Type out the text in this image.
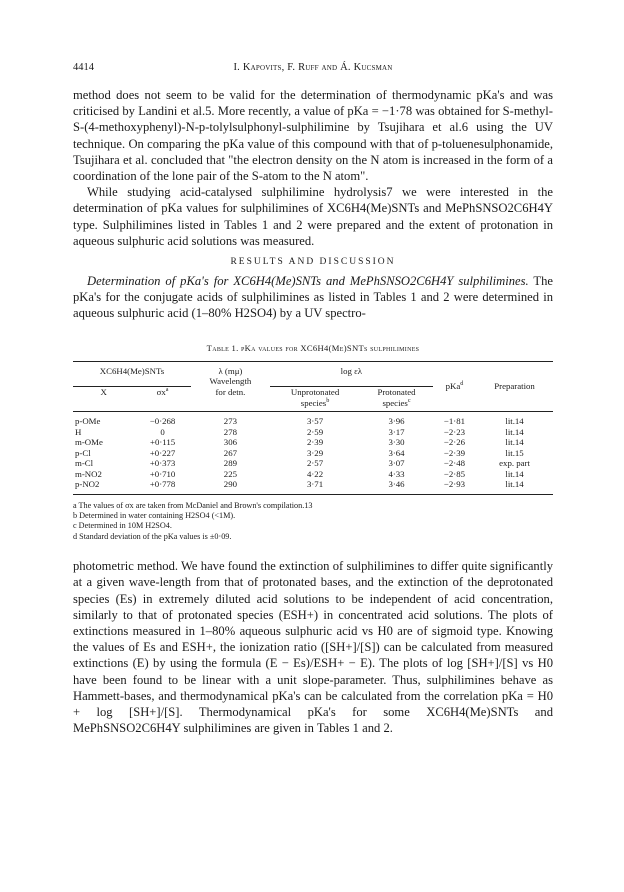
4414	I. Kapovits, F. Ruff and Á. Kucsman

method does not seem to be valid for the determination of thermodynamic pKa's and was criticised by Landini et al.5. More recently, a value of pKa = −1·78 was obtained for S-methyl-S-(4-methoxyphenyl)-N-p-tolylsulphonyl-sulphilimine by Tsujihara et al.6 using the UV technique. On comparing the pKa value of this compound with that of p-toluenesulphonamide, Tsujihara et al. concluded that "the electron density on the N atom is increased in the form of a coordination of the lone pair of the S-atom to the N atom".

While studying acid-catalysed sulphilimine hydrolysis7 we were interested in the determination of pKa values for sulphilimines of XC6H4(Me)SNTs and MePhSNSO2C6H4Y type. Sulphilimines listed in Tables 1 and 2 were prepared and the extent of protonation in aqueous sulphuric acid solutions was measured.

RESULTS AND DISCUSSION

Determination of pKa's for XC6H4(Me)SNTs and MePhSNSO2C6H4Y sulphilimines. The pKa's for the conjugate acids of sulphilimines as listed in Tables 1 and 2 were determined in aqueous sulphuric acid (1–80% H2SO4) by a UV spectro-

Table 1. pKa values for XC6H4(Me)SNTs sulphilimines
XC6H4(Me)SNTs		λ (mμ)	log ελ		pKa$^d$	Preparation
		Wavelength				
X	$\sigma x^a$	for detn.	Unprotonated	Protonated		
			species$^b$	species$^c$
p-OMe	−0·268	273	3·57	3·96	−1·81	lit.14
H	0	278	2·59	3·17	−2·23	lit.14
m-OMe	+0·115	306	2·39	3·30	−2·26	lit.14
p-Cl	+0·227	267	3·29	3·64	−2·39	lit.15
m-Cl	+0·373	289	2·57	3·07	−2·48	exp. part
m-NO2	+0·710	225	4·22	4·33	−2·85	lit.14
p-NO2	+0·778	290	3·71	3·46	−2·93	lit.14
a The values of σx are taken from McDaniel and Brown's compilation.13
b Determined in water containing H2SO4 (<1M).
c Determined in 10M H2SO4.
d Standard deviation of the pKa values is ±0·09.

photometric method. We have found the extinction of sulphilimines to differ quite significantly at a given wave-length from that of protonated bases, and the extinction of the deprotonated species (Es) in extremely diluted acid solutions to be independent of acid concentration, similarly to that of protonated species (ESH+) in concentrated acid solutions. The plots of extinctions measured in 1–80% aqueous sulphuric acid vs H0 are of sigmoid type. Knowing the values of Es and ESH+, the ionization ratio ([SH+]/[S]) can be calculated from measured extinctions (E) by using the formula (E − Es)/ESH+ − E). The plots of log [SH+]/[S] vs H0 have been found to be linear with a unit slope-parameter. Thus, sulphilimines behave as Hammett-bases, and thermodynamical pKa's can be calculated from the correlation pKa = H0 + log [SH+]/[S]. Thermodynamical pKa's for some XC6H4(Me)SNTs and MePhSNSO2C6H4Y sulphilimines are given in Tables 1 and 2.
